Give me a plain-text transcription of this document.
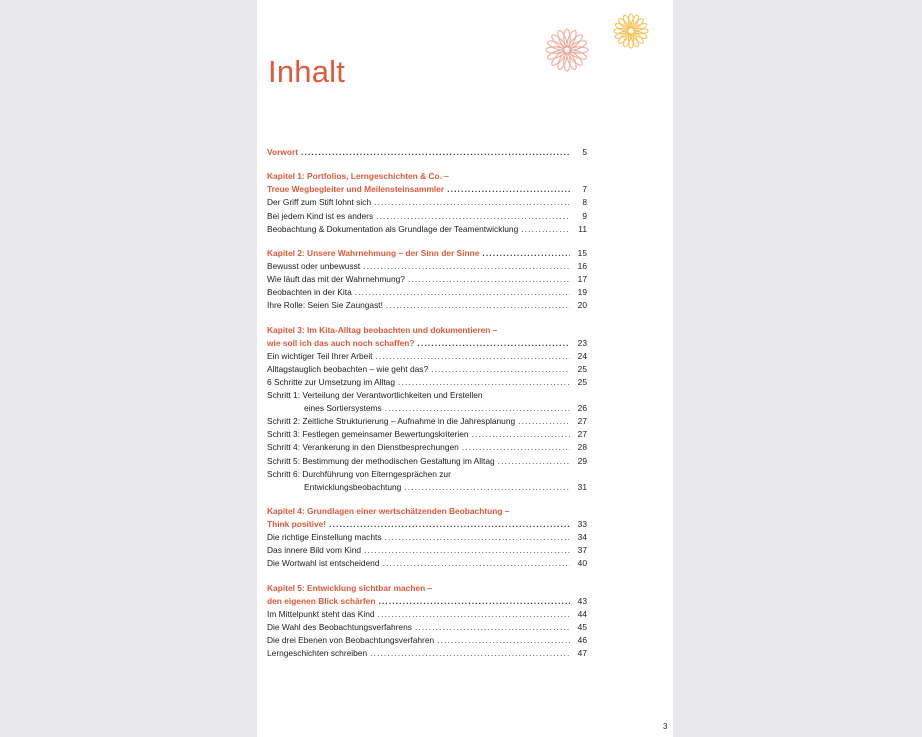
Inhalt
Vorwort . . .	5
Kapitel 1: Portfolios, Lerngeschichten & Co. –
Treue Wegbegleiter und Meilensteinsammler . . .	7
Der Griff zum Stift lohnt sich . . .	8
Bei jedem Kind ist es anders . . .	9
Beobachtung & Dokumentation als Grundlage der Teamentwicklung . . .	11
Kapitel 2: Unsere Wahrnehmung – der Sinn der Sinne . . .	15
Bewusst oder unbewusst . . .	16
Wie läuft das mit der Wahrnehmung? . . .	17
Beobachten in der Kita . . .	19
Ihre Rolle: Seien Sie Zaungast! . . .	20
Kapitel 3: Im Kita-Alltag beobachten und dokumentieren –
wie soll ich das auch noch schaffen? . . .	23
Ein wichtiger Teil Ihrer Arbeit . . .	24
Alltagstauglich beobachten – wie geht das? . . .	25
6 Schritte zur Umsetzung im Alltag . . .	25
Schritt 1: Verteilung der Verantwortlichkeiten und Erstellen
eines Sortiersystems . . .	26
Schritt 2: Zeitliche Strukturierung – Aufnahme in die Jahresplanung . . .	27
Schritt 3: Festlegen gemeinsamer Bewertungskriterien . . .	27
Schritt 4: Verankerung in den Dienstbesprechungen . . .	28
Schritt 5: Bestimmung der methodischen Gestaltung im Alltag . . .	29
Schritt 6: Durchführung von Elterngesprächen zur
Entwicklungsbeobachtung . . .	31
Kapitel 4: Grundlagen einer wertschätzenden Beobachtung –
Think positive! . . .	33
Die richtige Einstellung machts . . .	34
Das innere Bild vom Kind . . .	37
Die Wortwahl ist entscheidend . . .	40
Kapitel 5: Entwicklung sichtbar machen –
den eigenen Blick schärfen . . .	43
Im Mittelpunkt steht das Kind . . .	44
Die Wahl des Beobachtungsverfahrens . . .	45
Die drei Ebenen von Beobachtungsverfahren . . .	46
Lerngeschichten schreiben . . .	47
3
